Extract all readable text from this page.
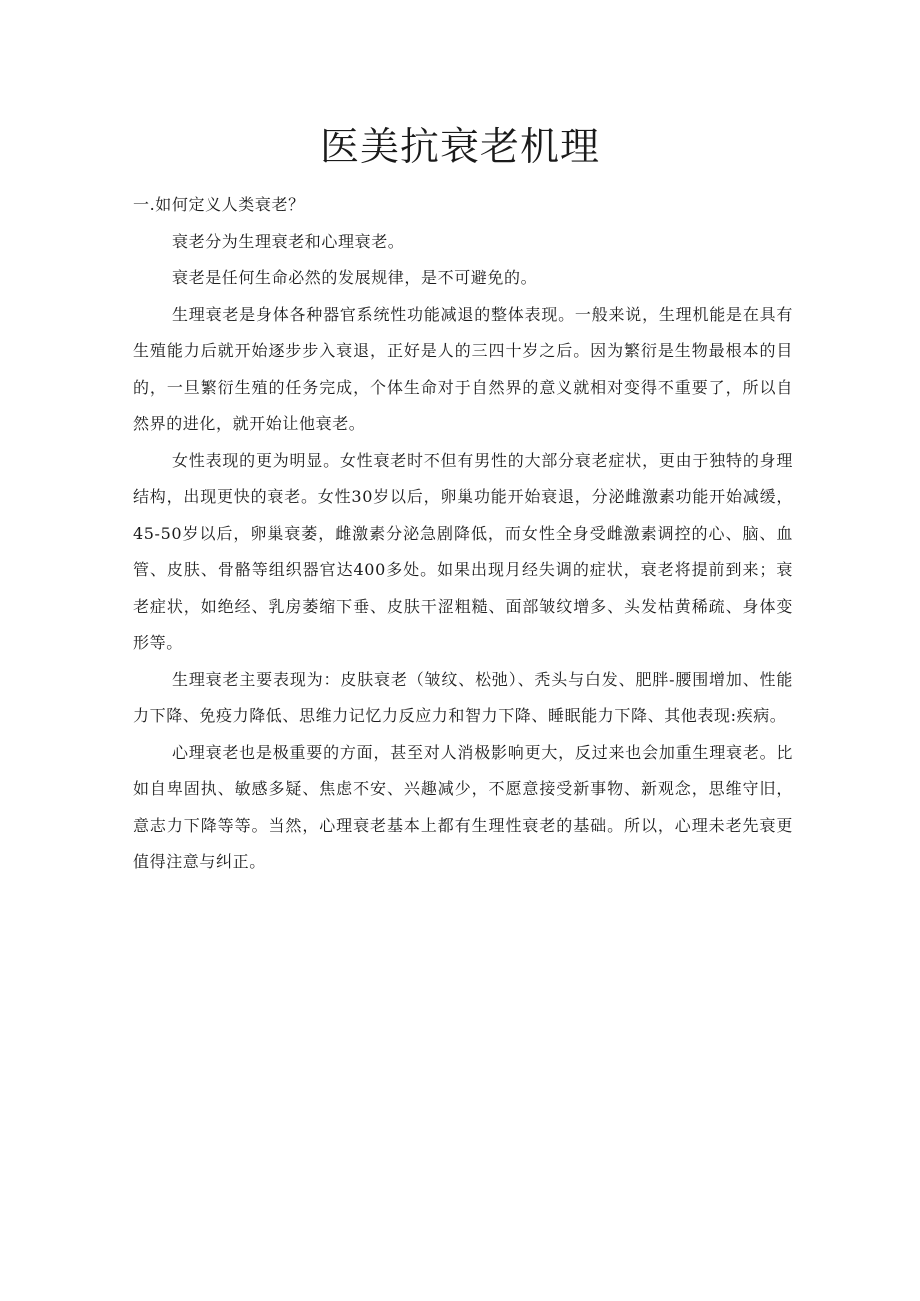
医美抗衰老机理

一.如何定义人类衰老？

衰老分为生理衰老和心理衰老。

衰老是任何生命必然的发展规律，是不可避免的。

生理衰老是身体各种器官系统性功能减退的整体表现。一般来说，生理机能是在具有生殖能力后就开始逐步步入衰退，正好是人的三四十岁之后。因为繁衍是生物最根本的目的，一旦繁衍生殖的任务完成，个体生命对于自然界的意义就相对变得不重要了，所以自然界的进化，就开始让他衰老。

女性表现的更为明显。女性衰老时不但有男性的大部分衰老症状，更由于独特的身理结构，出现更快的衰老。女性30岁以后，卵巢功能开始衰退，分泌雌激素功能开始减缓，45-50岁以后，卵巢衰萎，雌激素分泌急剧降低，而女性全身受雌激素调控的心、脑、血管、皮肤、骨骼等组织器官达400多处。如果出现月经失调的症状，衰老将提前到来；衰老症状，如绝经、乳房萎缩下垂、皮肤干涩粗糙、面部皱纹增多、头发枯黄稀疏、身体变形等。

生理衰老主要表现为：皮肤衰老（皱纹、松弛）、秃头与白发、肥胖-腰围增加、性能力下降、免疫力降低、思维力记忆力反应力和智力下降、睡眠能力下降、其他表现:疾病。

心理衰老也是极重要的方面，甚至对人消极影响更大，反过来也会加重生理衰老。比如自卑固执、敏感多疑、焦虑不安、兴趣减少，不愿意接受新事物、新观念，思维守旧，意志力下降等等。当然，心理衰老基本上都有生理性衰老的基础。所以，心理未老先衰更值得注意与纠正。
